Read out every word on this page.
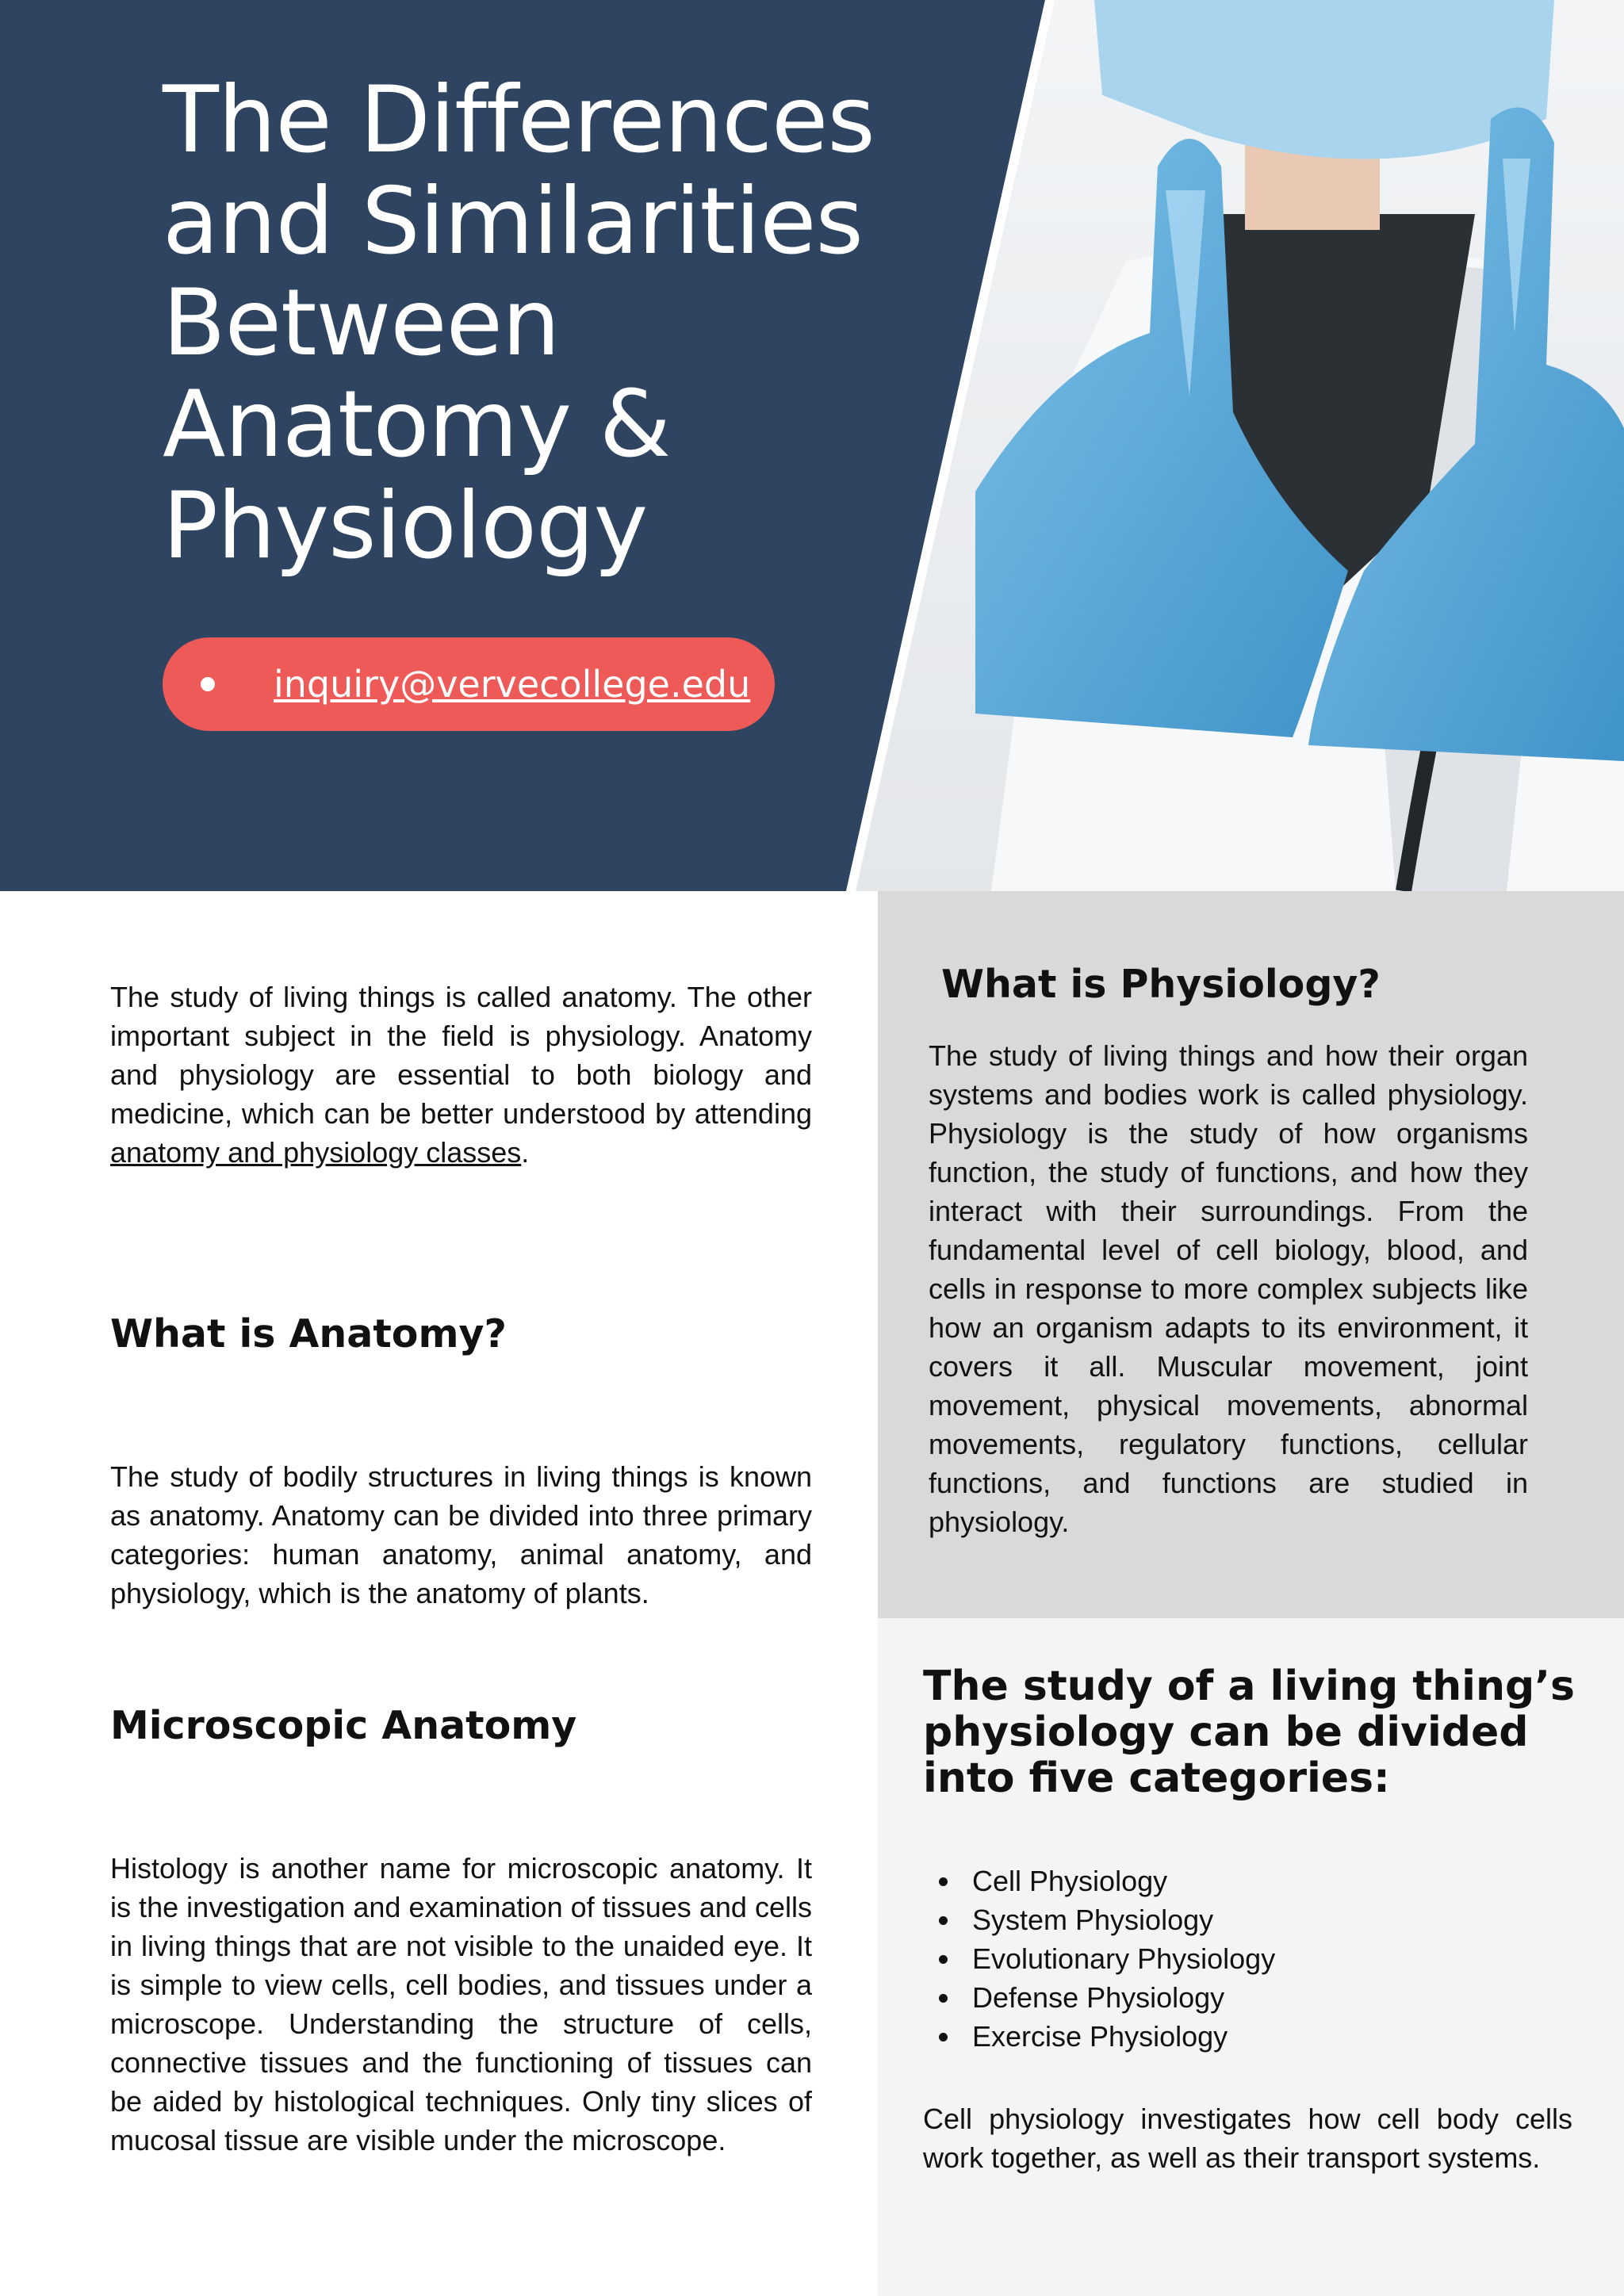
The Differences and Similarities Between Anatomy & Physiology
inquiry@vervecollege.edu

The study of living things is called anatomy. The other important subject in the field is physiology. Anatomy and physiology are essential to both biology and medicine, which can be better understood by attending anatomy and physiology classes.

What is Anatomy?

The study of bodily structures in living things is known as anatomy. Anatomy can be divided into three primary categories: human anatomy, animal anatomy, and physiology, which is the anatomy of plants.

Microscopic Anatomy

Histology is another name for microscopic anatomy. It is the investigation and examination of tissues and cells in living things that are not visible to the unaided eye. It is simple to view cells, cell bodies, and tissues under a microscope. Understanding the structure of cells, connective tissues and the functioning of tissues can be aided by histological techniques. Only tiny slices of mucosal tissue are visible under the microscope.

What is Physiology?

The study of living things and how their organ systems and bodies work is called physiology. Physiology is the study of how organisms function, the study of functions, and how they interact with their surroundings. From the fundamental level of cell biology, blood, and cells in response to more complex subjects like how an organism adapts to its environment, it covers it all. Muscular movement, joint movement, physical movements, abnormal movements, regulatory functions, cellular functions, and functions are studied in physiology.

The study of a living thing’s physiology can be divided into five categories:
Cell Physiology
System Physiology
Evolutionary Physiology
Defense Physiology
Exercise Physiology

Cell physiology investigates how cell body cells work together, as well as their transport systems.
